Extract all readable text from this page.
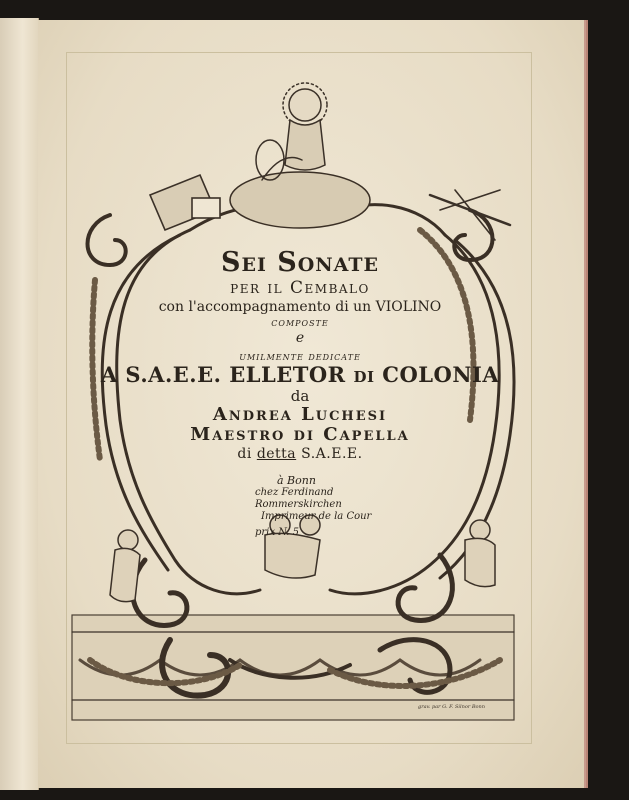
Sei Sonate
per il Cembalo
con l'accompagnamento di un VIOLINO
composte
e
umilmente dedicate
A S.A.E.E. ELLETOR di COLONIA
da
Andrea Luchesi
Maestro di Capella
di detta S.A.E.E.
à Bonn
chez Ferdinand Rommerskirchen
Imprimeur de la Cour
prix N. 5
grav. par G. F. Silnor Bonn
